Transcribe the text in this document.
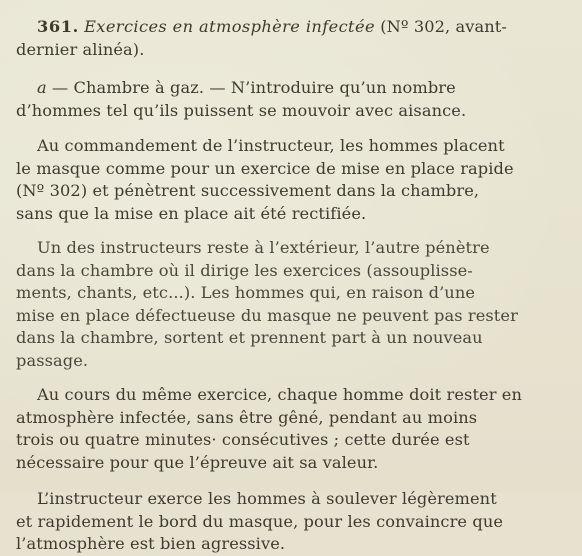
361. Exercices en atmosphère infectée (Nº 302, avant-
dernier alinéa).

a — Chambre à gaz. — N’introduire qu’un nombre
d’hommes tel qu’ils puissent se mouvoir avec aisance.

Au commandement de l’instructeur, les hommes placent
le masque comme pour un exercice de mise en place rapide
(Nº 302) et pénètrent successivement dans la chambre,
sans que la mise en place ait été rectifiée.

Un des instructeurs reste à l’extérieur, l’autre pénètre
dans la chambre où il dirige les exercices (assouplisse-
ments, chants, etc...). Les hommes qui, en raison d’une
mise en place défectueuse du masque ne peuvent pas rester
dans la chambre, sortent et prennent part à un nouveau
passage.

Au cours du même exercice, chaque homme doit rester en
atmosphère infectée, sans être gêné, pendant au moins
trois ou quatre minutes· consécutives ; cette durée est
nécessaire pour que l’épreuve ait sa valeur.

L’instructeur exerce les hommes à soulever légèrement
et rapidement le bord du masque, pour les convaincre que
l’atmosphère est bien agressive.
